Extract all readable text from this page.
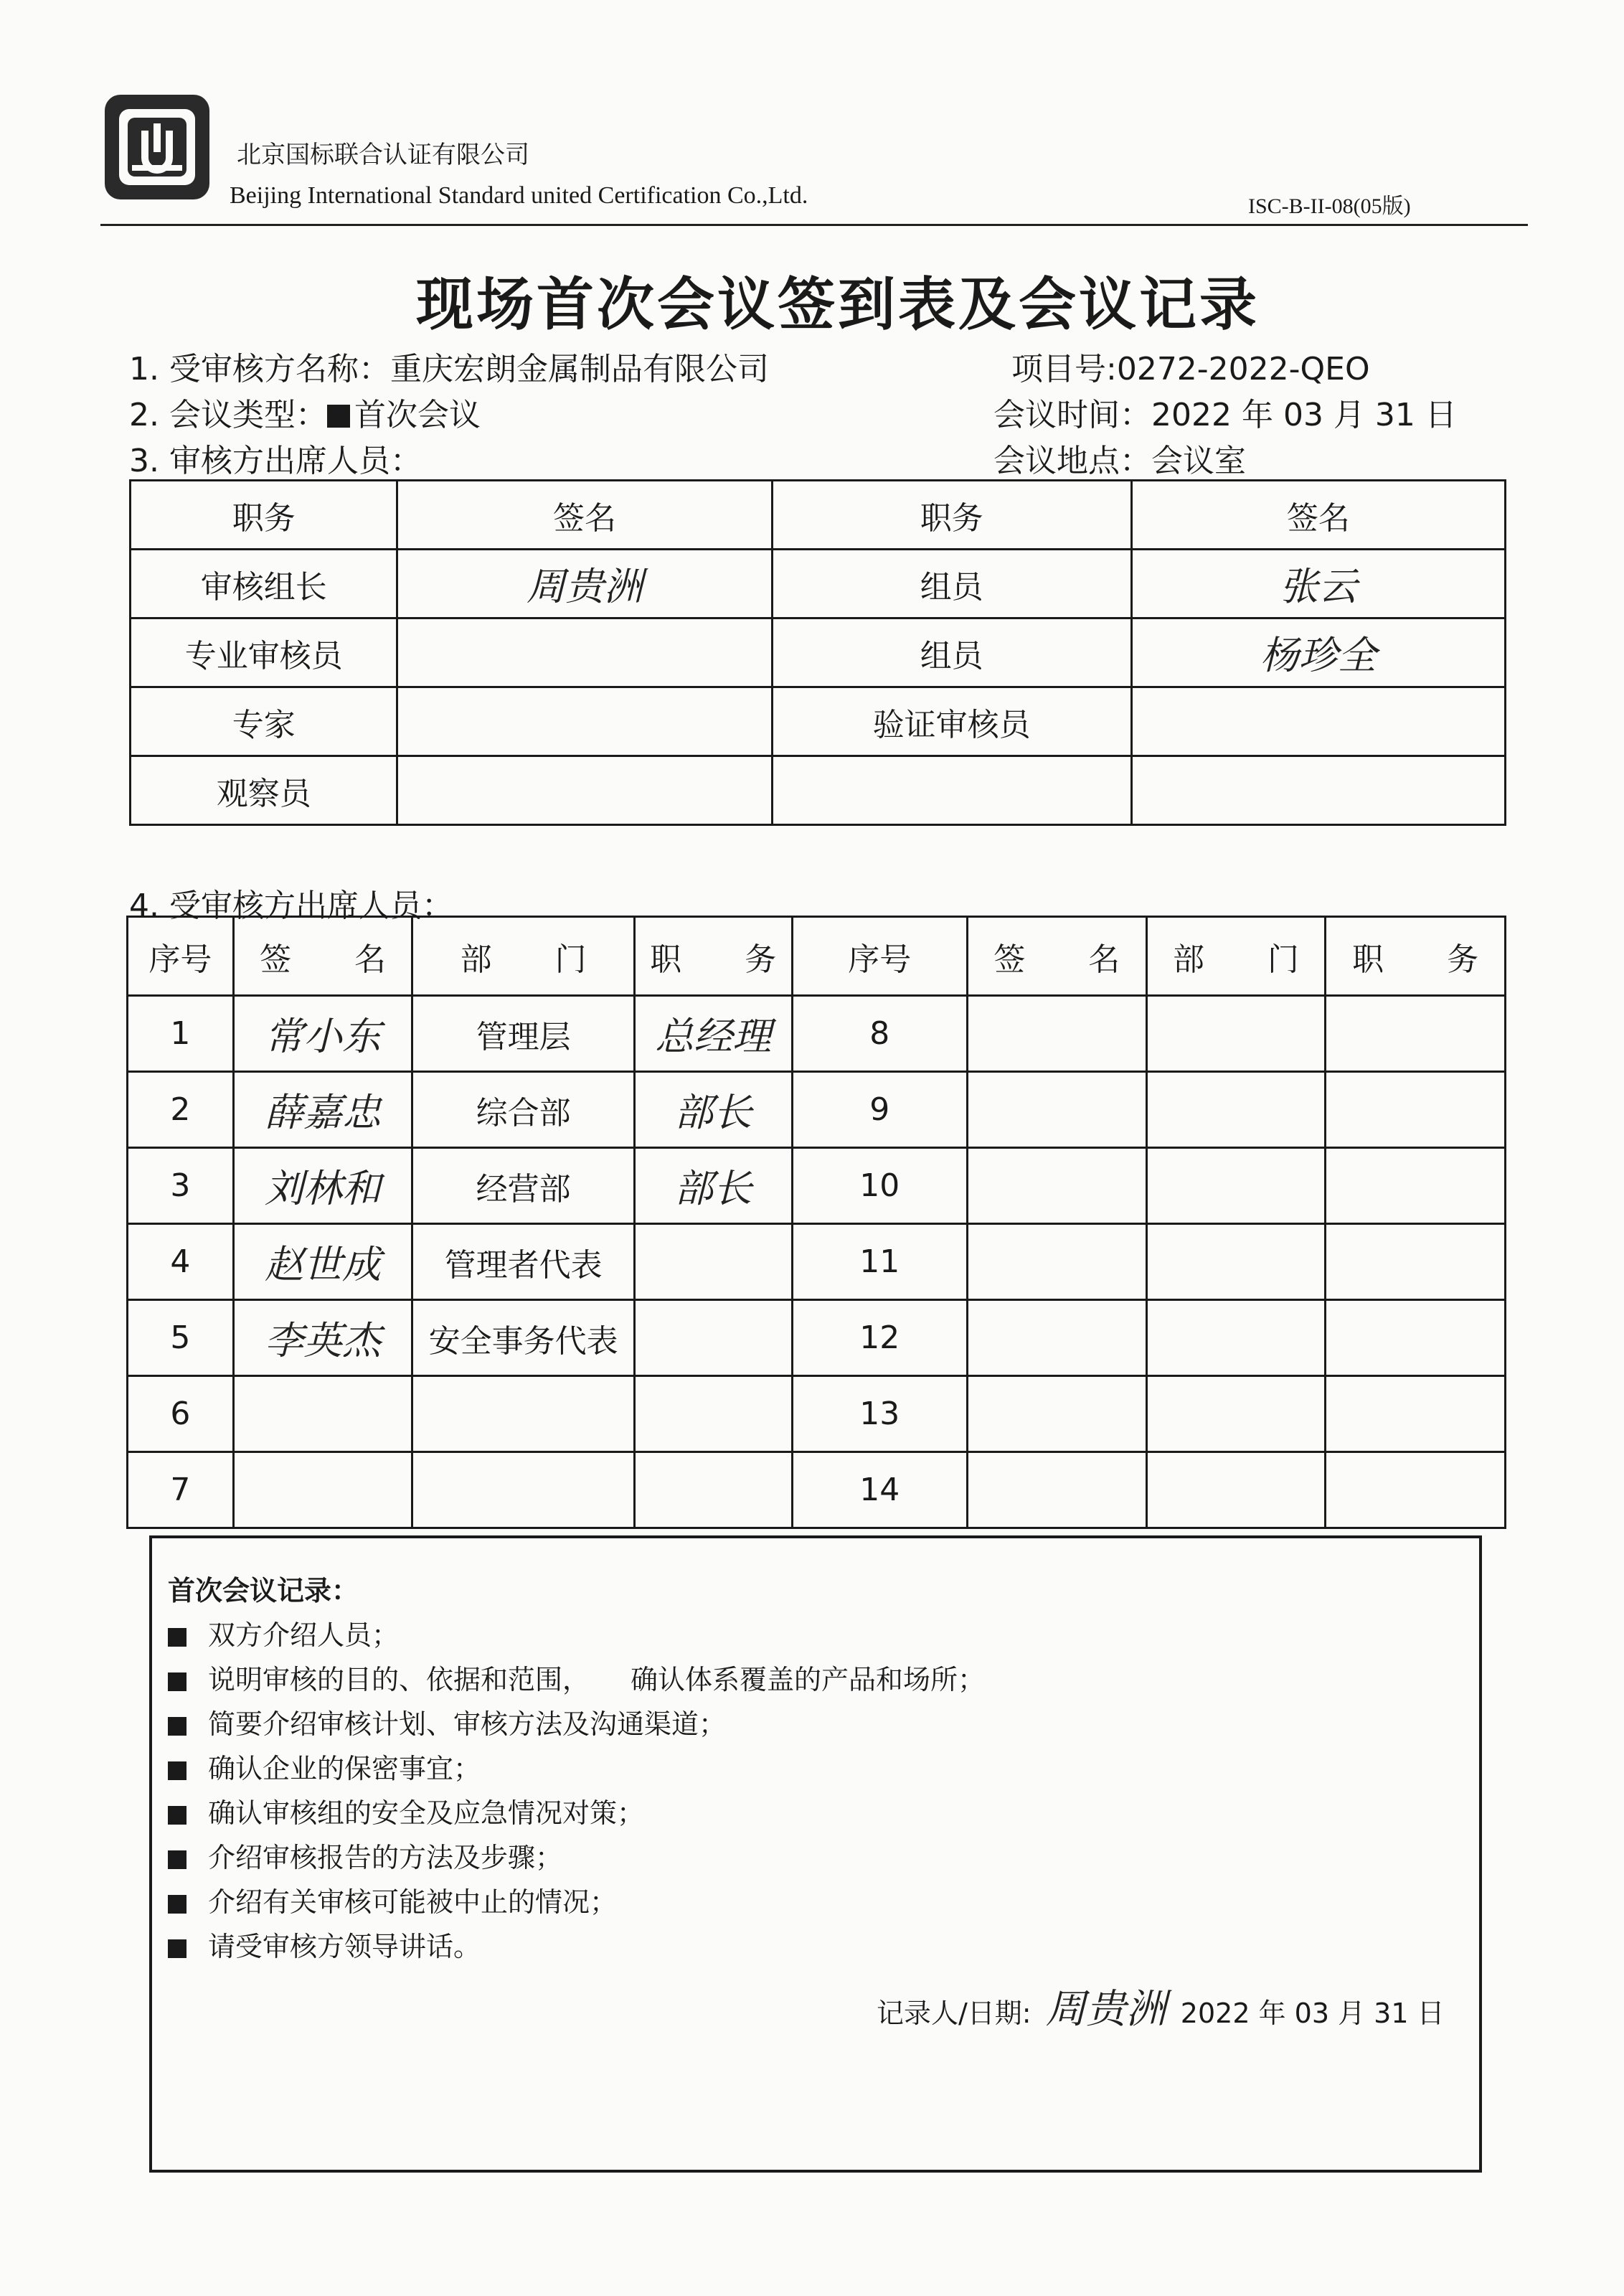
北京国标联合认证有限公司
Beijing International Standard united Certification Co.,Ltd.	ISC-B-II-08(05版)
现场首次会议签到表及会议记录
1. 受审核方名称：重庆宏朗金属制品有限公司	项目号:0272-2022-QEO
2. 会议类型： 首次会议	会议时间：2022 年 03 月 31 日
3. 审核方出席人员：	会议地点：会议室
职务	签名	职务	签名
审核组长	周贵洲	组员	张云
专业审核员		组员	杨珍全
专家		验证审核员	
观察员			
4. 受审核方出席人员：
序号	签　　名	部　　门	职　　务	序号	签　　名	部　　门	职　　务
1	常小东	管理层	总经理	8			
2	薛嘉忠	综合部	部长	9			
3	刘林和	经营部	部长	10			
4	赵世成	管理者代表		11			
5	李英杰	安全事务代表		12			
6				13			
7				14			
首次会议记录：
双方介绍人员；
说明审核的目的、依据和范围，　　确认体系覆盖的产品和场所；
简要介绍审核计划、审核方法及沟通渠道；
确认企业的保密事宜；
确认审核组的安全及应急情况对策；
介绍审核报告的方法及步骤；
介绍有关审核可能被中止的情况；
请受审核方领导讲话。
记录人/日期: 周贵洲 2022 年 03 月 31 日
